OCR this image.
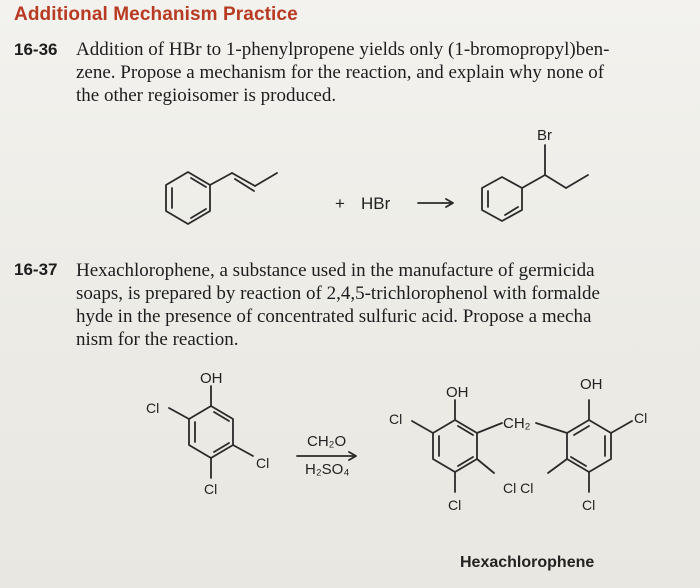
Additional Mechanism Practice
16-36 Addition of HBr to 1-phenylpropene yields only (1-bromopropyl)ben-
zene. Propose a mechanism for the reaction, and explain why none of
the other regioisomer is produced.
16-37 Hexachlorophene, a substance used in the manufacture of germicida
soaps, is prepared by reaction of 2,4,5-trichlorophenol with formalde
hyde in the presence of concentrated sulfuric acid. Propose a mecha
nism for the reaction.
+ HBr
Br
OH
Cl
Cl
Cl
CH₂O
H₂SO₄
OH	OH
Cl	CH₂	Cl
Cl Cl
Cl	Cl
Hexachlorophene
